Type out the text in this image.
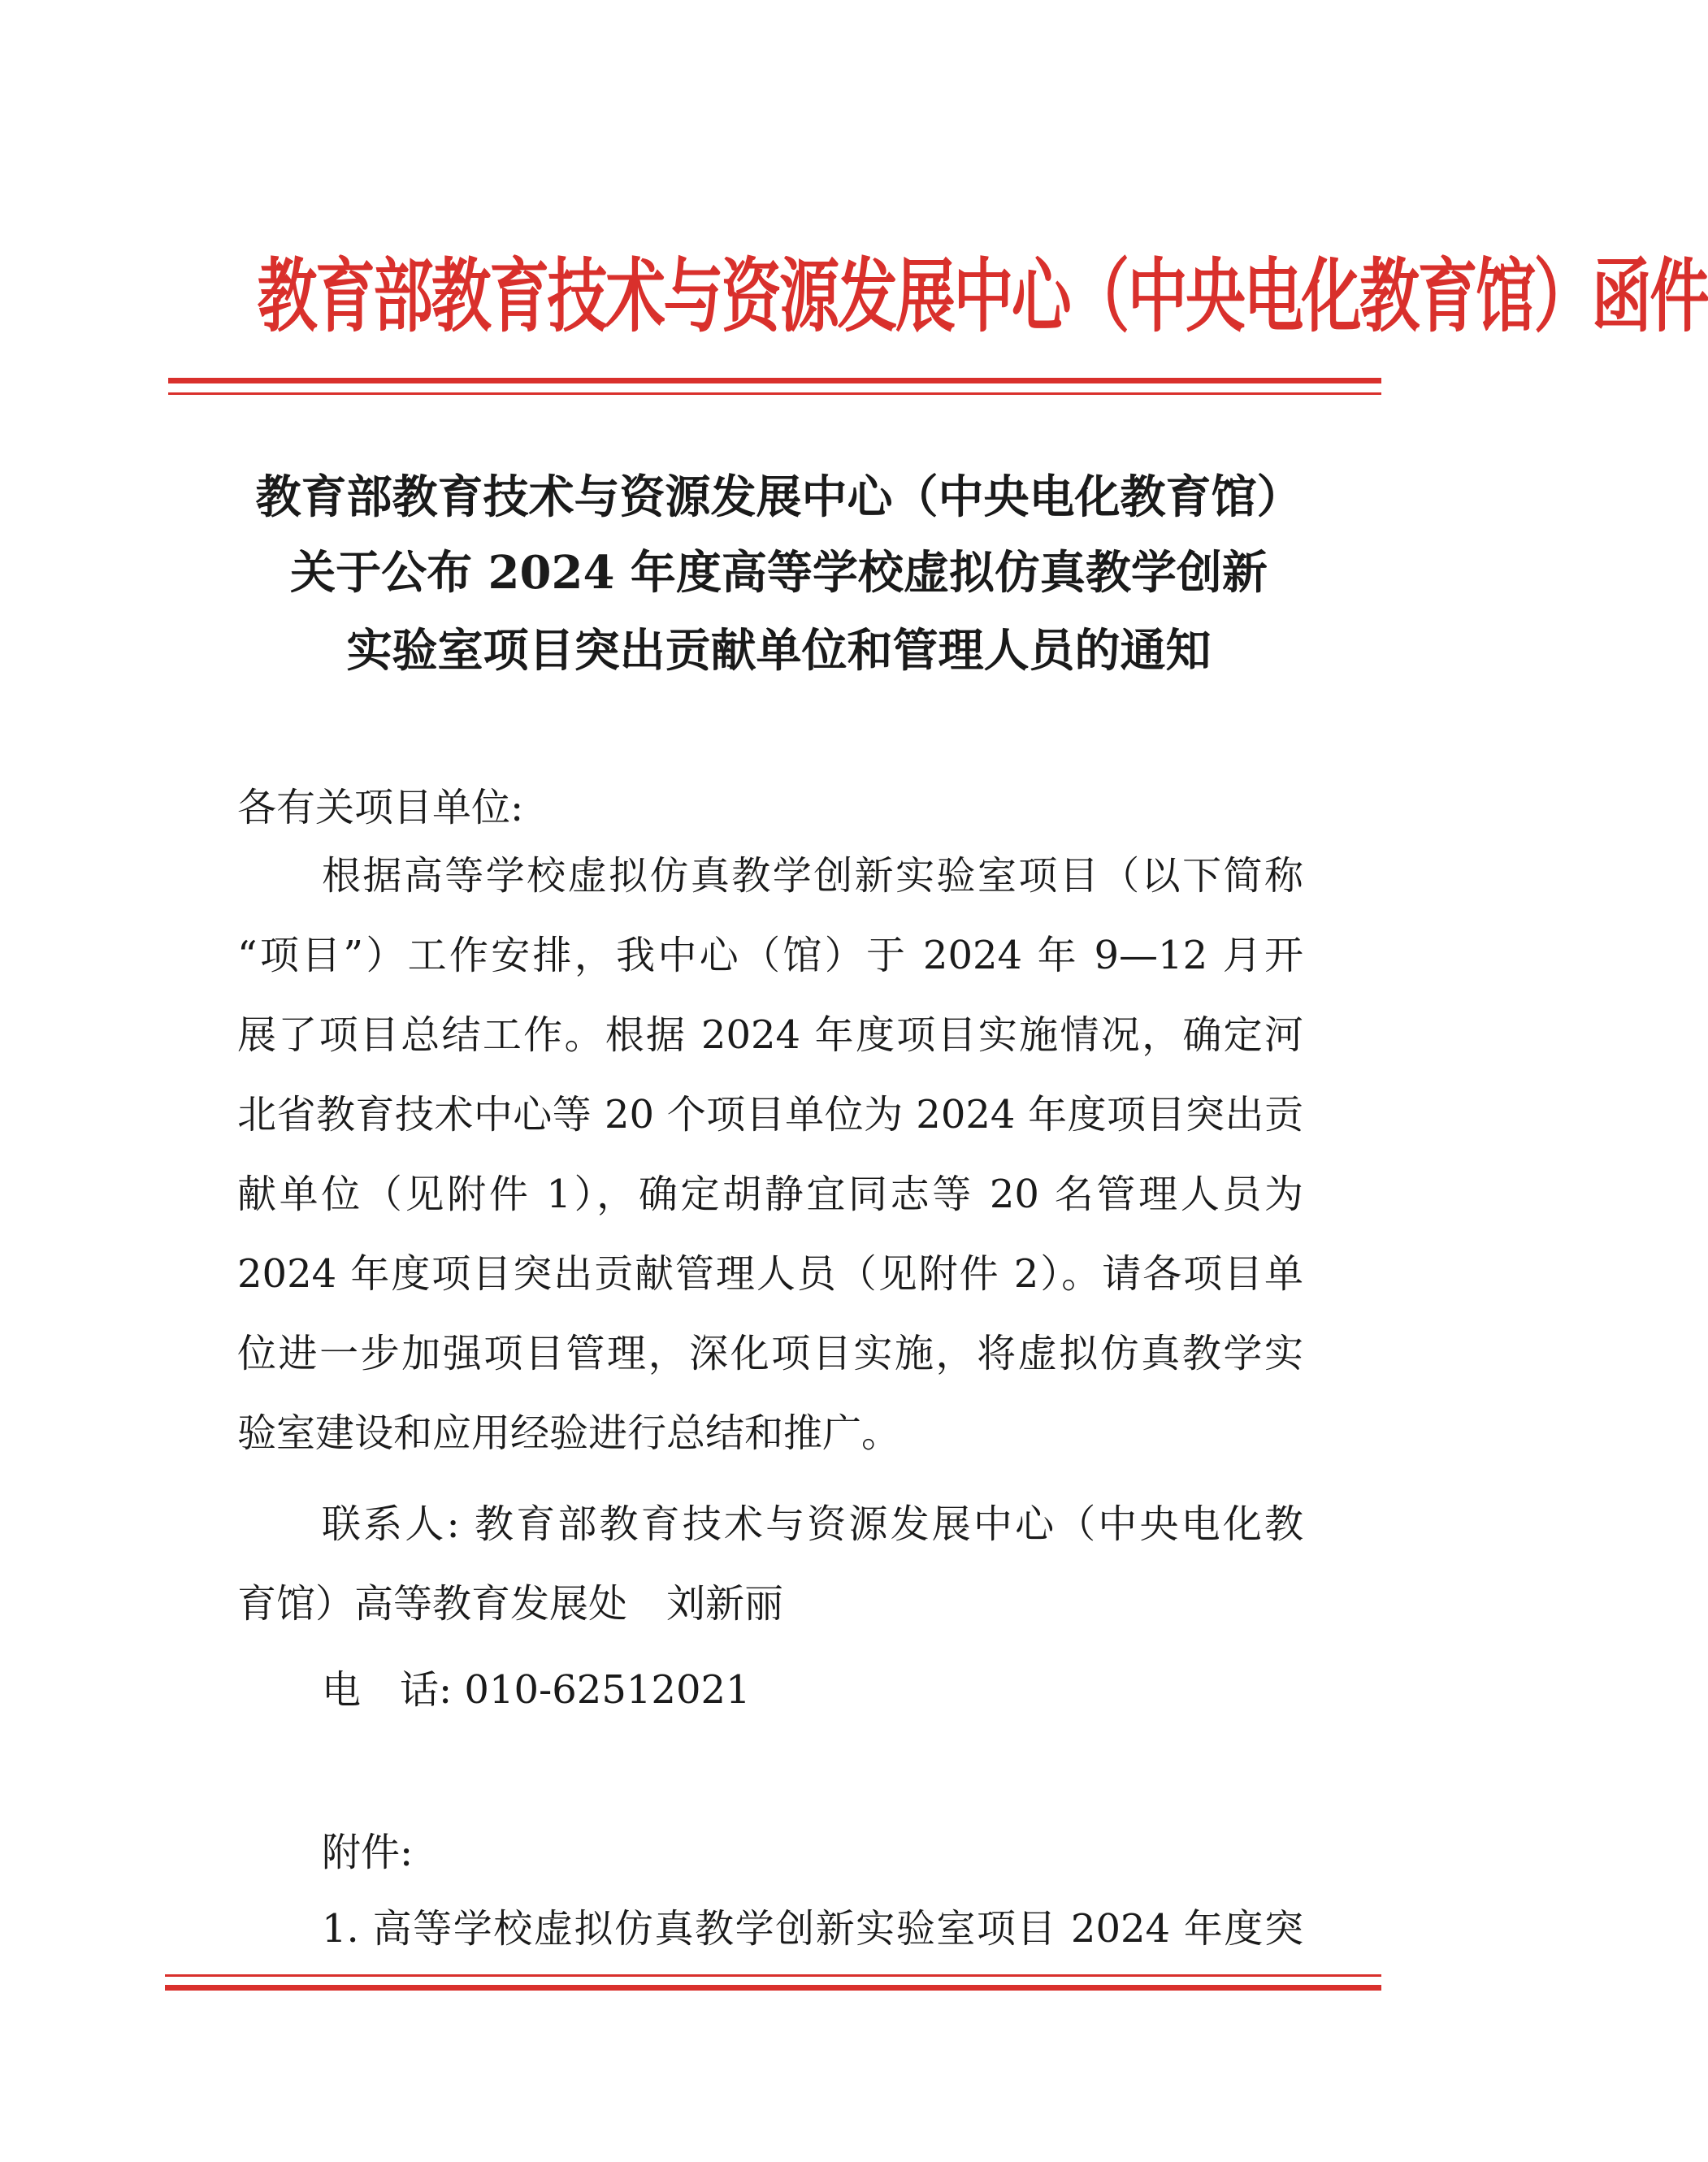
教育部教育技术与资源发展中心（中央电化教育馆）函件
教育部教育技术与资源发展中心（中央电化教育馆）
关于公布 2024 年度高等学校虚拟仿真教学创新
实验室项目突出贡献单位和管理人员的通知
各有关项目单位:
根据高等学校虚拟仿真教学创新实验室项目（以下简称
“项目”）工作安排，我中心（馆）于 2024 年 9—12 月开
展了项目总结工作。根据 2024 年度项目实施情况，确定河
北省教育技术中心等 20 个项目单位为 2024 年度项目突出贡
献单位（见附件 1），确定胡静宜同志等 20 名管理人员为
2024 年度项目突出贡献管理人员（见附件 2）。请各项目单
位进一步加强项目管理，深化项目实施，将虚拟仿真教学实
验室建设和应用经验进行总结和推广。
联系人: 教育部教育技术与资源发展中心（中央电化教
育馆）高等教育发展处　刘新丽
电　话: 010-62512021
附件:
1. 高等学校虚拟仿真教学创新实验室项目 2024 年度突
